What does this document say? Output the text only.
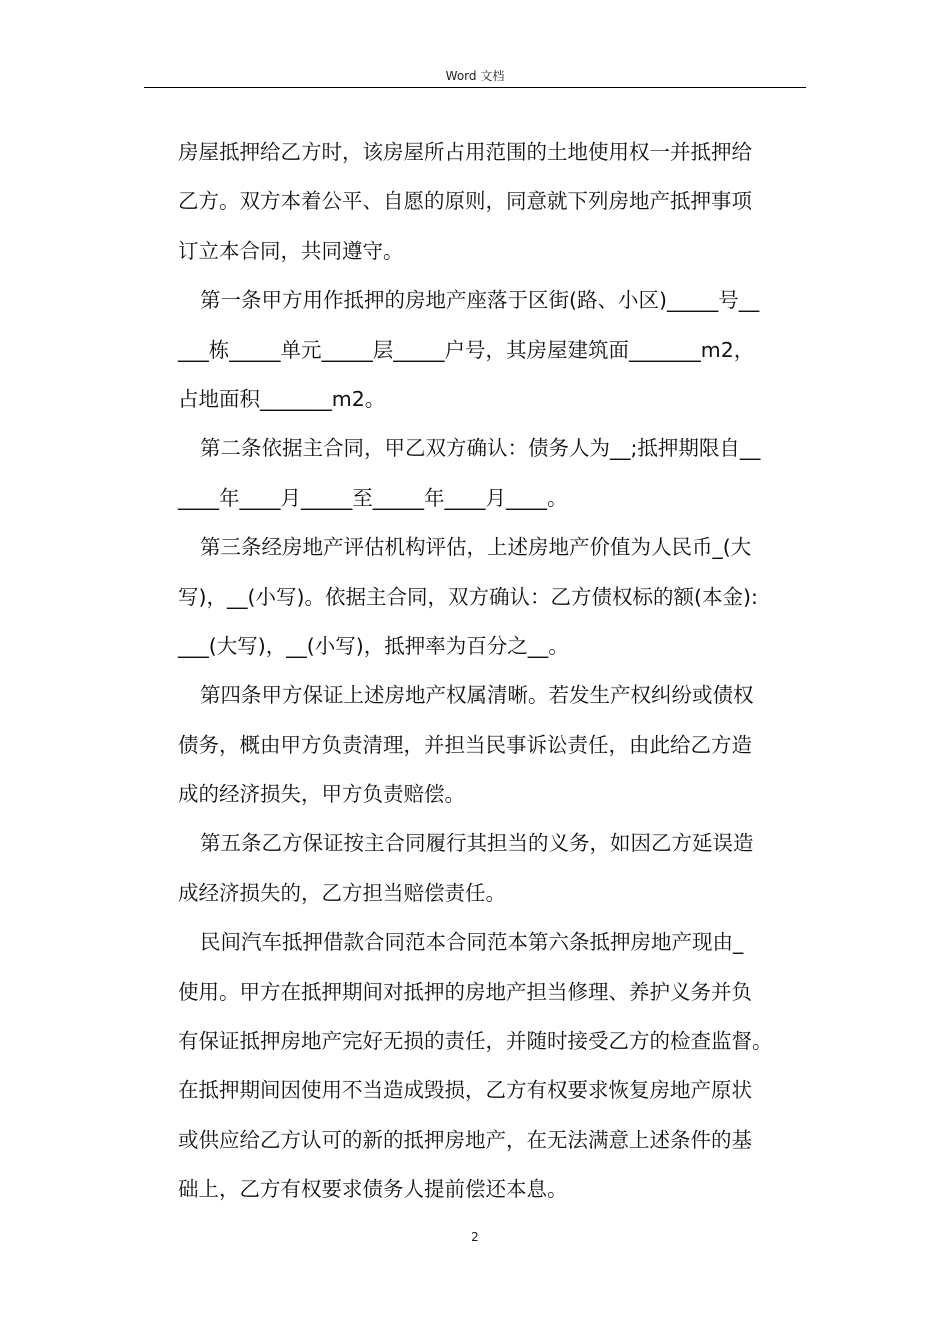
Word 文档
房屋抵押给乙方时，该房屋所占用范围的土地使用权一并抵押给
乙方。双方本着公平、自愿的原则，同意就下列房地产抵押事项
订立本合同，共同遵守。
第一条甲方用作抵押的房地产座落于区街(路、小区)_____号__
___栋_____单元_____层_____户号，其房屋建筑面_______m2，
占地面积_______m2。
第二条依据主合同，甲乙双方确认：债务人为__;抵押期限自__
____年____月_____至_____年____月____。
第三条经房地产评估机构评估，上述房地产价值为人民币_(大
写)，__(小写)。依据主合同，双方确认：乙方债权标的额(本金):
___(大写)，__(小写)，抵押率为百分之__。
第四条甲方保证上述房地产权属清晰。若发生产权纠纷或债权
债务，概由甲方负责清理，并担当民事诉讼责任，由此给乙方造
成的经济损失，甲方负责赔偿。
第五条乙方保证按主合同履行其担当的义务，如因乙方延误造
成经济损失的，乙方担当赔偿责任。
民间汽车抵押借款合同范本合同范本第六条抵押房地产现由_
使用。甲方在抵押期间对抵押的房地产担当修理、养护义务并负
有保证抵押房地产完好无损的责任，并随时接受乙方的检查监督。
在抵押期间因使用不当造成毁损，乙方有权要求恢复房地产原状
或供应给乙方认可的新的抵押房地产，在无法满意上述条件的基
础上，乙方有权要求债务人提前偿还本息。
2
